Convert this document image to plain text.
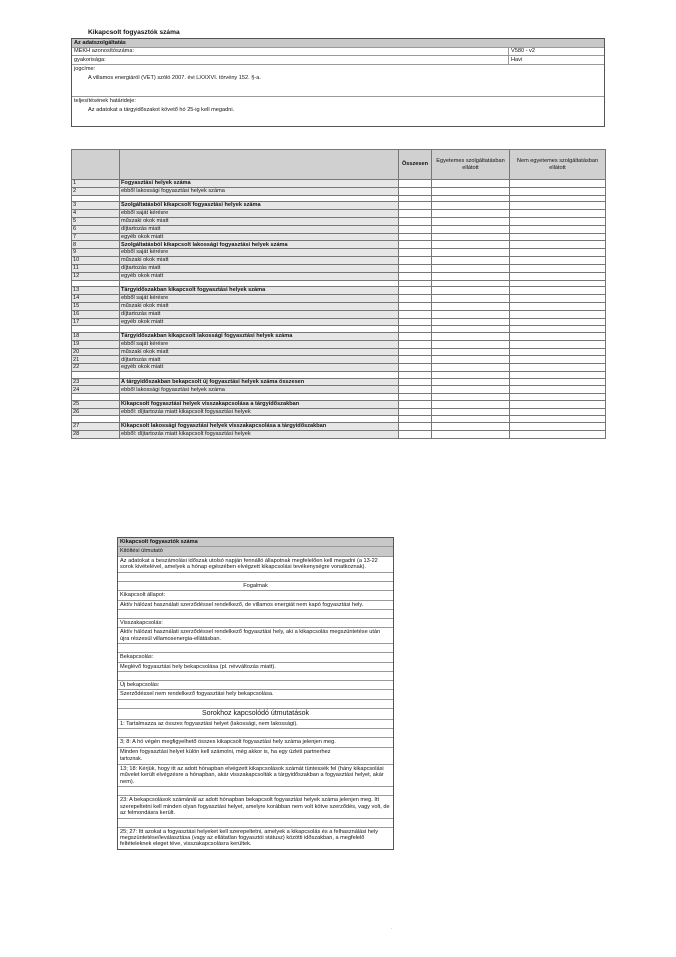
Kikapcsolt fogyasztók száma
Az adatszolgáltatás
MEKH azonosítószáma:	V580 - v2
gyakorisága:	Havi
jogcíme:
A villamos energiáról (VET) szóló 2007. évi LXXXVI. törvény 152. §-a.
teljesítésének határideje:
Az adatokat a tárgyidőszakot követő hó 25-ig kell megadni.
		Összesen	Egyetemes szolgáltatásban ellátott	Nem egyetemes szolgáltatásban ellátott
1	Fogyasztási helyek száma			
2	ebből lakossági fogyasztási helyek száma			

3	Szolgáltatásból kikapcsolt fogyasztási helyek száma			
4	ebből saját kérésre			
5	műszaki okok miatt			
6	díjtartozás miatt			
7	egyéb okok miatt			
8	Szolgáltatásból kikapcsolt lakossági fogyasztási helyek száma			
9	ebből saját kérésre			
10	műszaki okok miatt			
11	díjtartozás miatt			
12	egyéb okok miatt			

13	Tárgyidőszakban kikapcsolt fogyasztási helyek száma			
14	ebből saját kérésre			
15	műszaki okok miatt			
16	díjtartozás miatt			
17	egyéb okok miatt			

18	Tárgyidőszakban kikapcsolt lakossági fogyasztási helyek száma			
19	ebből saját kérésre			
20	műszaki okok miatt			
21	díjtartozás miatt			
22	egyéb okok miatt			

23	A tárgyidőszakban bekapcsolt új fogyasztási helyek száma összesen			
24	ebből lakossági fogyasztási helyek száma			

25	Kikapcsolt fogyasztási helyek visszakapcsolása a tárgyidőszakban			
26	ebből: díjtartozás miatt kikapcsolt fogyasztási helyek			

27	Kikapcsolt lakossági fogyasztási helyek visszakapcsolása a tárgyidőszakban			
28	ebből: díjtartozás miatt kikapcsolt fogyasztási helyek			
Kikapcsolt fogyasztók száma
Kitöltési útmutató
Az adatokat a beszámolási időszak utolsó napján fennálló állapotnak megfelelően kell megadni (a 13-22 sorok kivételével, amelyek a hónap egészében elvégzett kikapcsolási tevékenységre vonatkoznak).
Fogalmak
Kikapcsolt állapot:
Aktív hálózat használati szerződéssel rendelkező, de villamos energiát nem kapó fogyasztási hely.
Visszakapcsolás:
Aktív hálózat használati szerződéssel rendelkező fogyasztási hely, aki a kikapcsolás megszüntetése után újra részesül villamosenergia-ellátásban.
Bekapcsolás:
Meglévő fogyasztási hely bekapcsolása (pl. névváltozás miatt).
Új bekapcsolás:
Szerződéssel nem rendelkező fogyasztási hely bekapcsolása.
Sorokhoz kapcsolódó útmutatások
1: Tartalmazza az összes fogyasztási helyet (lakossági, nem lakossági).
3; 8: A hó végén megfigyelhető összes kikapcsolt fogyasztási hely száma jelenjen meg.
Minden fogyasztási helyet külön kell számolni, még akkor is, ha egy üzleti partnerhez
tartoznak.
13; 18: Kérjük, hogy itt az adott hónapban elvégzett kikapcsolások számát tüntessék fel (hány kikapcsolási művelet került elvégzésre a hónapban, akár visszakapcsolták a tárgyidőszakban a fogyasztási helyet, akár nem).
23: A bekapcsolások számánál az adott hónapban bekapcsolt fogyasztási helyek száma jelenjen meg. Itt szerepeltetni kell minden olyan fogyasztási helyet, amelyre korábban nem volt kötve szerződés, vagy volt, de az felmondásra került.
25; 27: Itt azokat a fogyasztási helyeket kell szerepeltetni, amelyek a kikapcsolás és a felhasználási hely megszüntetése/leválasztása (vagy az ellátatlan fogyasztói státusz) közötti időszakban, a megfelelő feltételeknek eleget téve, visszakapcsolásra kerültek.
·
